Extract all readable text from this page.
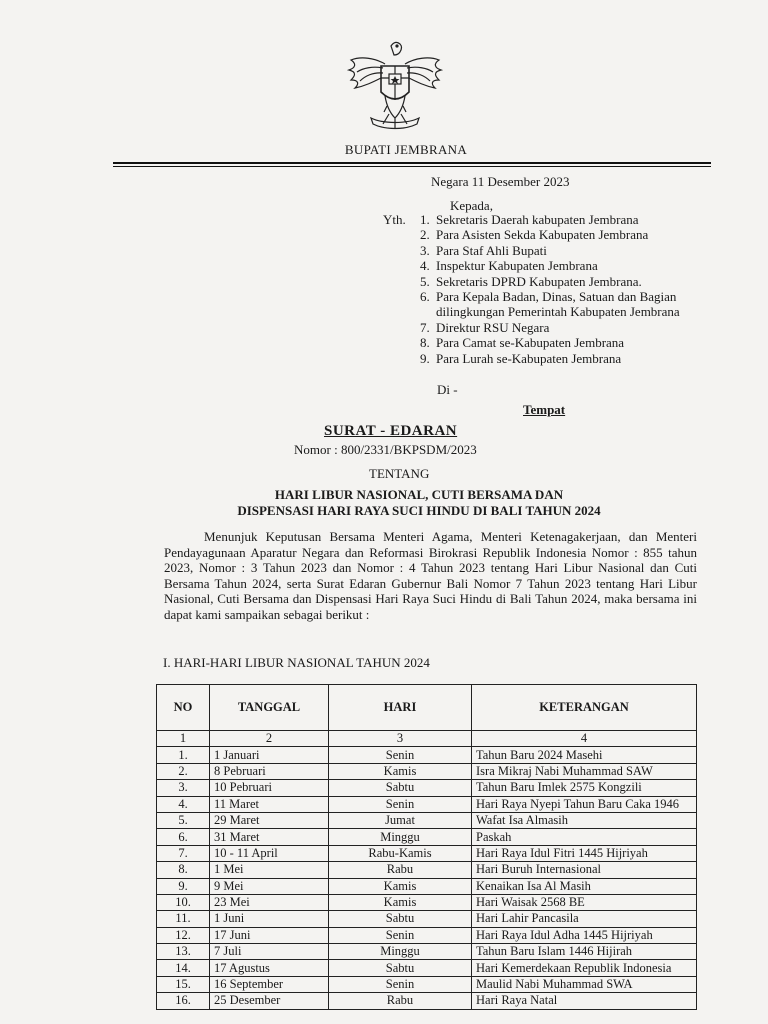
BUPATI JEMBRANA
Negara 11 Desember 2023
Kepada,
Yth. 1. Sekretaris Daerah kabupaten Jembrana
2. Para Asisten Sekda Kabupaten Jembrana
3. Para Staf Ahli Bupati
4. Inspektur Kabupaten Jembrana
5. Sekretaris DPRD Kabupaten Jembrana.
6. Para Kepala Badan, Dinas, Satuan dan Bagian dilingkungan Pemerintah Kabupaten Jembrana
7. Direktur RSU Negara
8. Para Camat se-Kabupaten Jembrana
9. Para Lurah se-Kabupaten Jembrana
Di -
Tempat
SURAT - EDARAN
Nomor : 800/2331/BKPSDM/2023
TENTANG
HARI LIBUR NASIONAL, CUTI BERSAMA DAN
DISPENSASI HARI RAYA SUCI HINDU DI BALI TAHUN 2024
Menunjuk Keputusan Bersama Menteri Agama, Menteri Ketenagakerjaan, dan Menteri Pendayagunaan Aparatur Negara dan Reformasi Birokrasi Republik Indonesia Nomor : 855 tahun 2023, Nomor : 3 Tahun 2023 dan Nomor : 4 Tahun 2023 tentang Hari Libur Nasional dan Cuti Bersama Tahun 2024, serta Surat Edaran Gubernur Bali Nomor 7 Tahun 2023 tentang Hari Libur Nasional, Cuti Bersama dan Dispensasi Hari Raya Suci Hindu di Bali Tahun 2024, maka bersama ini dapat kami sampaikan sebagai berikut :
I. HARI-HARI LIBUR NASIONAL TAHUN 2024
NO	TANGGAL	HARI	KETERANGAN
1	2	3	4
1.	1 Januari	Senin	Tahun Baru 2024 Masehi
2.	8 Pebruari	Kamis	Isra Mikraj Nabi Muhammad SAW
3.	10 Pebruari	Sabtu	Tahun Baru Imlek 2575 Kongzili
4.	11 Maret	Senin	Hari Raya Nyepi Tahun Baru Caka 1946
5.	29 Maret	Jumat	Wafat Isa Almasih
6.	31 Maret	Minggu	Paskah
7.	10 - 11 April	Rabu-Kamis	Hari Raya Idul Fitri 1445 Hijriyah
8.	1 Mei	Rabu	Hari Buruh Internasional
9.	9 Mei	Kamis	Kenaikan Isa Al Masih
10.	23 Mei	Kamis	Hari Waisak 2568 BE
11.	1 Juni	Sabtu	Hari Lahir Pancasila
12.	17 Juni	Senin	Hari Raya Idul Adha 1445 Hijriyah
13.	7 Juli	Minggu	Tahun Baru Islam 1446 Hijirah
14.	17 Agustus	Sabtu	Hari Kemerdekaan Republik Indonesia
15.	16 September	Senin	Maulid Nabi Muhammad SWA
16.	25 Desember	Rabu	Hari Raya Natal
